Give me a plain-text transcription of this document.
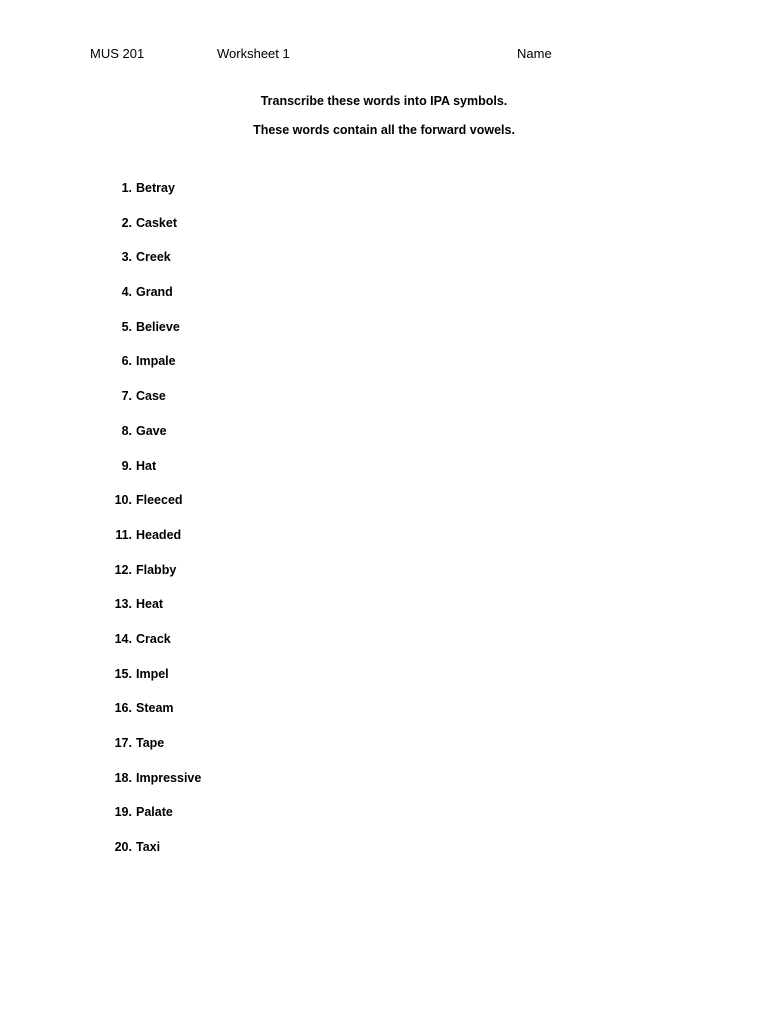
MUS 201	Worksheet 1	Name
Transcribe these words into IPA symbols.
These words contain all the forward vowels.
1. Betray
2. Casket
3. Creek
4. Grand
5. Believe
6. Impale
7. Case
8. Gave
9. Hat
10. Fleeced
11. Headed
12. Flabby
13. Heat
14. Crack
15. Impel
16. Steam
17. Tape
18. Impressive
19. Palate
20. Taxi
